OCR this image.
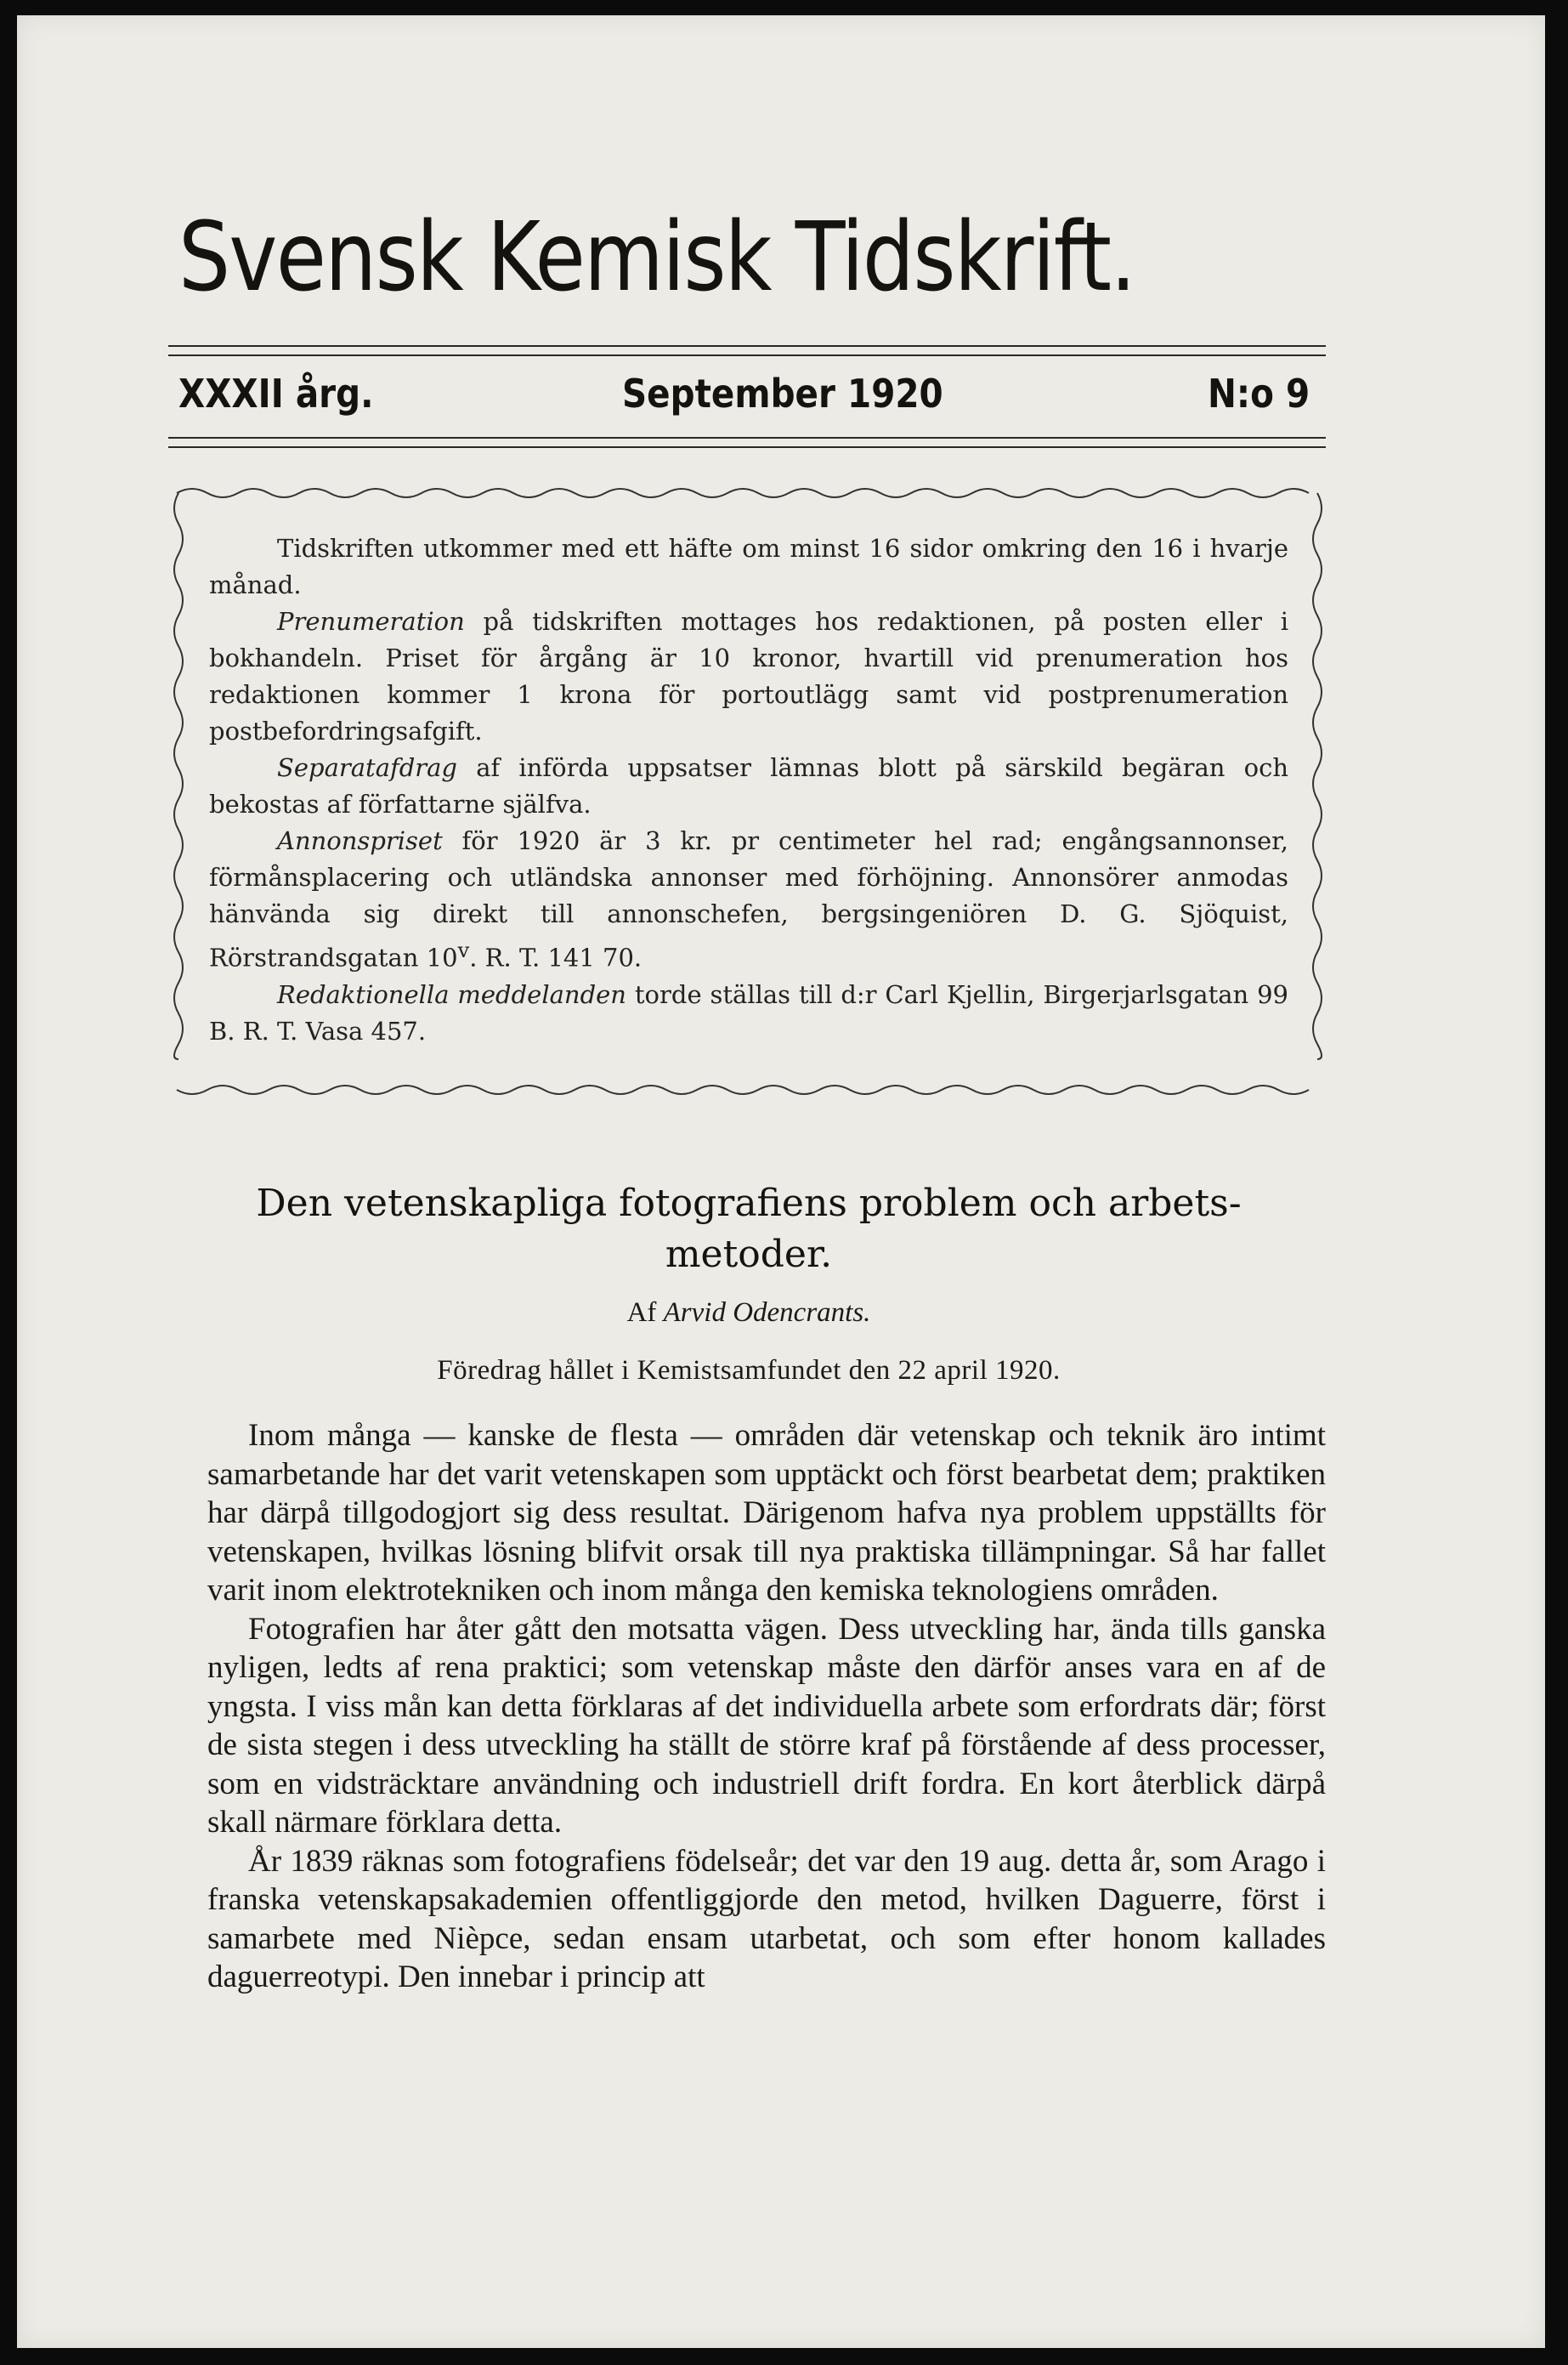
Svensk Kemisk Tidskrift.
XXXII årg.	September 1920	N:o 9

Tidskriften utkommer med ett häfte om minst 16 sidor omkring den 16 i hvarje månad.

Prenumeration på tidskriften mottages hos redaktionen, på posten eller i bokhandeln. Priset för årgång är 10 kronor, hvartill vid prenumeration hos redaktionen kommer 1 krona för portoutlägg samt vid postprenumeration postbefordringsafgift.

Separatafdrag af införda uppsatser lämnas blott på särskild begäran och bekostas af författarne själfva.

Annonspriset för 1920 är 3 kr. pr centimeter hel rad; engångsannonser, förmånsplacering och utländska annonser med förhöjning. Annonsörer anmodas hänvända sig direkt till annonschefen, bergsingeniören D. G. Sjöquist, Rörstrandsgatan 10$^v$. R. T. 141 70.

Redaktionella meddelanden torde ställas till d:r Carl Kjellin, Birgerjarlsgatan 99 B. R. T. Vasa 457.

Den vetenskapliga fotografiens problem och arbets-
metoder.
Af Arvid Odencrants.
Föredrag hållet i Kemistsamfundet den 22 april 1920.

Inom många — kanske de flesta — områden där vetenskap och teknik äro intimt samarbetande har det varit vetenskapen som upptäckt och först bearbetat dem; praktiken har därpå tillgodogjort sig dess resultat. Därigenom hafva nya problem uppställts för vetenskapen, hvilkas lösning blifvit orsak till nya praktiska tillämpningar. Så har fallet varit inom elektrotekniken och inom många den kemiska teknologiens områden.

Fotografien har åter gått den motsatta vägen. Dess utveckling har, ända tills ganska nyligen, ledts af rena praktici; som vetenskap måste den därför anses vara en af de yngsta. I viss mån kan detta förklaras af det individuella arbete som erfordrats där; först de sista stegen i dess utveckling ha ställt de större kraf på förstående af dess processer, som en vidsträcktare användning och industriell drift fordra. En kort återblick därpå skall närmare förklara detta.

År 1839 räknas som fotografiens födelseår; det var den 19 aug. detta år, som Arago i franska vetenskapsakademien offentliggjorde den metod, hvilken Daguerre, först i samarbete med Nièpce, sedan ensam utarbetat, och som efter honom kallades daguerreotypi. Den innebar i princip att
